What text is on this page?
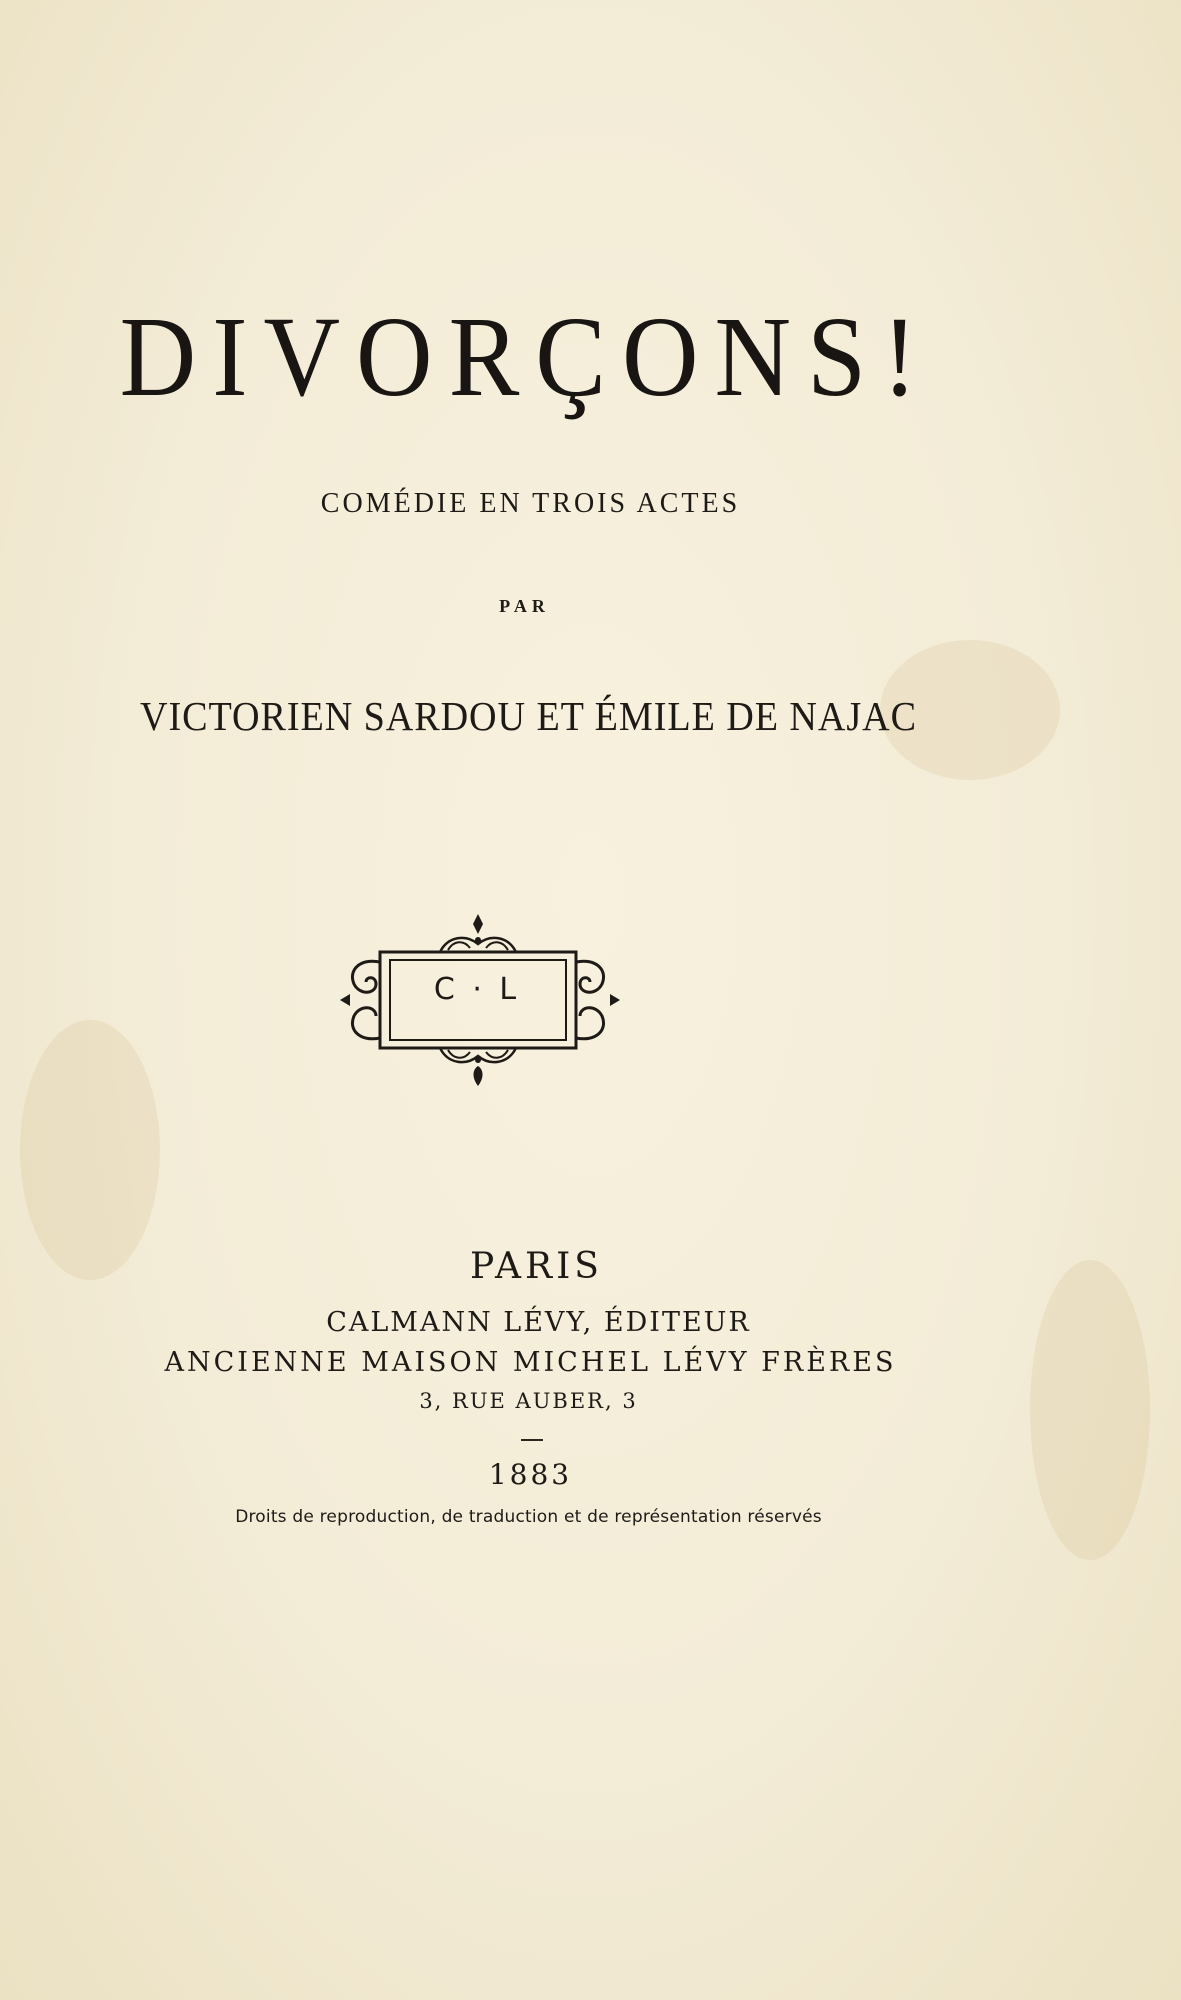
DIVORÇONS!
COMÉDIE EN TROIS ACTES
PAR
VICTORIEN SARDOU ET ÉMILE DE NAJAC
C · L
PARIS
CALMANN LÉVY, ÉDITEUR
ANCIENNE MAISON MICHEL LÉVY FRÈRES
3, RUE AUBER, 3
1883
Droits de reproduction, de traduction et de représentation réservés
